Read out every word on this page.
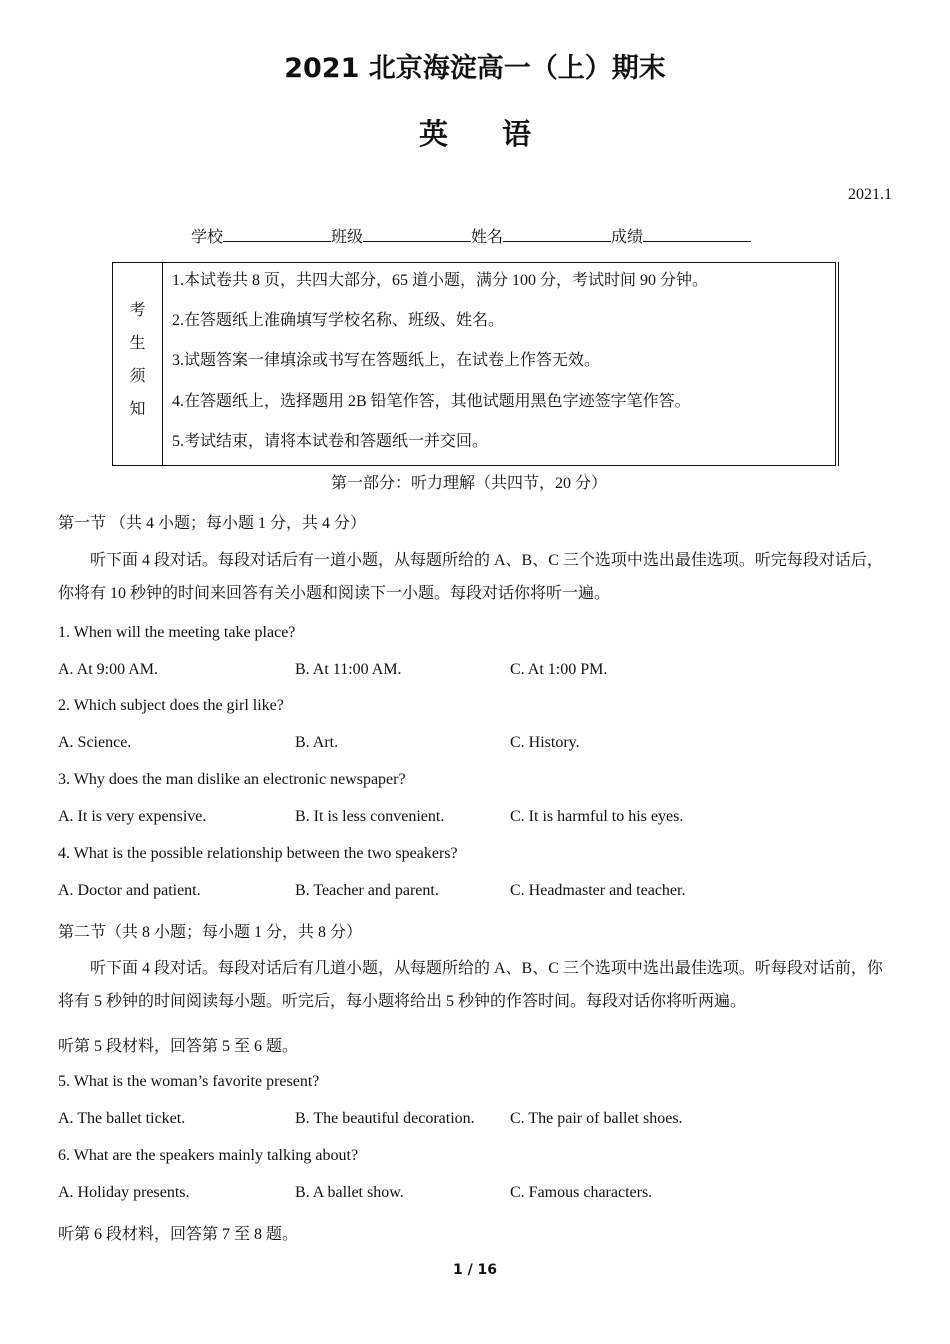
2021 北京海淀高一（上）期末
英 语
2021.1
学校	班级	姓名	成绩
考
生
须
知
1.本试卷共 8 页，共四大部分，65 道小题，满分 100 分，考试时间 90 分钟。
2.在答题纸上准确填写学校名称、班级、姓名。
3.试题答案一律填涂或书写在答题纸上，在试卷上作答无效。
4.在答题纸上，选择题用 2B 铅笔作答，其他试题用黑色字迹签字笔作答。
5.考试结束，请将本试卷和答题纸一并交回。
第一部分：听力理解（共四节，20 分）
第一节 （共 4 小题；每小题 1 分，共 4 分）
听下面 4 段对话。每段对话后有一道小题，从每题所给的 A、B、C 三个选项中选出最佳选项。听完每段对话后，你将有 10 秒钟的时间来回答有关小题和阅读下一小题。每段对话你将听一遍。
1. When will the meeting take place?
A. At 9:00 AM.	B. At 11:00 AM.	C. At 1:00 PM.
2. Which subject does the girl like?
A. Science.	B. Art.	C. History.
3. Why does the man dislike an electronic newspaper?
A. It is very expensive.	B. It is less convenient.	C. It is harmful to his eyes.
4. What is the possible relationship between the two speakers?
A. Doctor and patient.	B. Teacher and parent.	C. Headmaster and teacher.
第二节（共 8 小题；每小题 1 分，共 8 分）
听下面 4 段对话。每段对话后有几道小题，从每题所给的 A、B、C 三个选项中选出最佳选项。听每段对话前，你将有 5 秒钟的时间阅读每小题。听完后，每小题将给出 5 秒钟的作答时间。每段对话你将听两遍。
听第 5 段材料，回答第 5 至 6 题。
5. What is the woman’s favorite present?
A. The ballet ticket.	B. The beautiful decoration. C. The pair of ballet shoes.
6. What are the speakers mainly talking about?
A. Holiday presents.	B. A ballet show.	C. Famous characters.
听第 6 段材料，回答第 7 至 8 题。
1 / 16
